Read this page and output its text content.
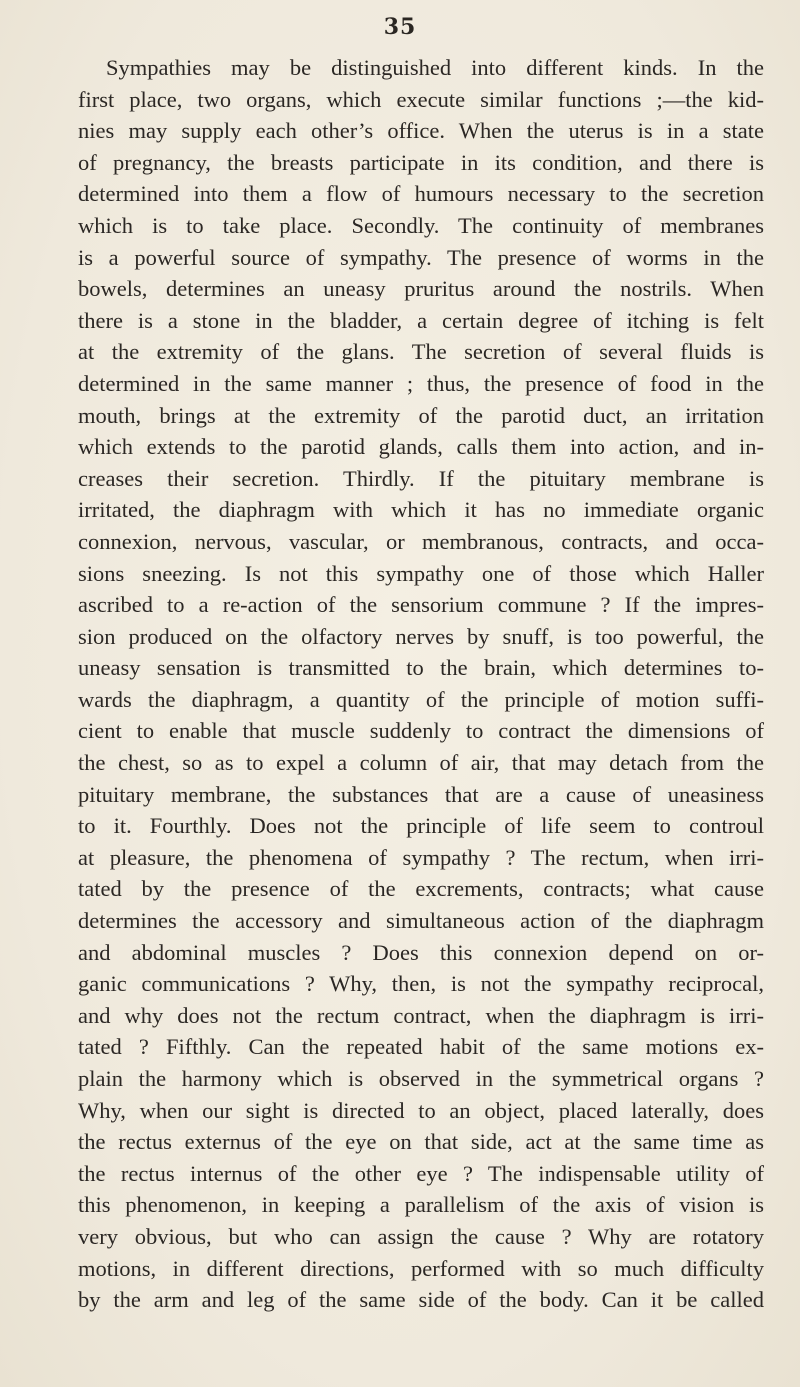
35
Sympathies may be distinguished into different kinds. In the
first place, two organs, which execute similar functions ;—the kid-
nies may supply each other’s office. When the uterus is in a state
of pregnancy, the breasts participate in its condition, and there is
determined into them a flow of humours necessary to the secretion
which is to take place. Secondly. The continuity of membranes
is a powerful source of sympathy. The presence of worms in the
bowels, determines an uneasy pruritus around the nostrils. When
there is a stone in the bladder, a certain degree of itching is felt
at the extremity of the glans. The secretion of several fluids is
determined in the same manner ; thus, the presence of food in the
mouth, brings at the extremity of the parotid duct, an irritation
which extends to the parotid glands, calls them into action, and in-
creases their secretion. Thirdly. If the pituitary membrane is
irritated, the diaphragm with which it has no immediate organic
connexion, nervous, vascular, or membranous, contracts, and occa-
sions sneezing. Is not this sympathy one of those which Haller
ascribed to a re-action of the sensorium commune ? If the impres-
sion produced on the olfactory nerves by snuff, is too powerful, the
uneasy sensation is transmitted to the brain, which determines to-
wards the diaphragm, a quantity of the principle of motion suffi-
cient to enable that muscle suddenly to contract the dimensions of
the chest, so as to expel a column of air, that may detach from the
pituitary membrane, the substances that are a cause of uneasiness
to it. Fourthly. Does not the principle of life seem to controul
at pleasure, the phenomena of sympathy ? The rectum, when irri-
tated by the presence of the excrements, contracts; what cause
determines the accessory and simultaneous action of the diaphragm
and abdominal muscles ? Does this connexion depend on or-
ganic communications ? Why, then, is not the sympathy reciprocal,
and why does not the rectum contract, when the diaphragm is irri-
tated ? Fifthly. Can the repeated habit of the same motions ex-
plain the harmony which is observed in the symmetrical organs ?
Why, when our sight is directed to an object, placed laterally, does
the rectus externus of the eye on that side, act at the same time as
the rectus internus of the other eye ? The indispensable utility of
this phenomenon, in keeping a parallelism of the axis of vision is
very obvious, but who can assign the cause ? Why are rotatory
motions, in different directions, performed with so much difficulty
by the arm and leg of the same side of the body. Can it be called
